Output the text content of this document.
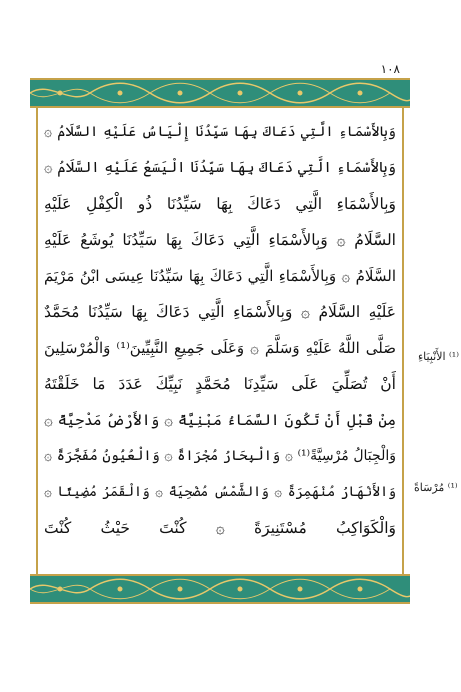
١٠٨
وَبِالأَسْمَاءِ الَّتِي دَعَاكَ بِهَا سَيِّدُنَا إِلْيَاسُ عَلَيْهِ السَّلَامُ ۞
وَبِالأَسْمَاءِ الَّتِي دَعَاكَ بِهَا سَيِّدُنَا الْيَسَعُ عَلَيْهِ السَّلَامُ ۞
وَبِالأَسْمَاءِ الَّتِي دَعَاكَ بِهَا سَيِّدُنَا ذُو الْكِفْلِ عَلَيْهِ
السَّلَامُ ۞ وَبِالأَسْمَاءِ الَّتِي دَعَاكَ بِهَا سَيِّدُنَا يُوشَعُ عَلَيْهِ
السَّلَامُ ۞ وَبِالأَسْمَاءِ الَّتِي دَعَاكَ بِهَا سَيِّدُنَا عِيسَى ابْنُ مَرْيَمَ
عَلَيْهِ السَّلَامُ ۞ وَبِالأَسْمَاءِ الَّتِي دَعَاكَ بِهَا سَيِّدُنَا مُحَمَّدٌ
صَلَّى اللَّهُ عَلَيْهِ وَسَلَّمَ ۞ وَعَلَى جَمِيعِ النَّبِيِّينَ⁽¹⁾ وَالْمُرْسَلِينَ
أَنْ تُصَلِّيَ عَلَى سَيِّدِنَا مُحَمَّدٍ نَبِيِّكَ عَدَدَ مَا خَلَقْتَهُ
مِنْ قَبْلِ أَنْ تَكُونَ السَّمَاءُ مَبْنِيَّةً ۞ وَالأَرْضُ مَدْحِيَّةً ۞
وَالْجِبَالُ مُرْسِيَّةً⁽¹⁾ ۞ وَالْبِحَارُ مُجْرَاةً ۞ وَالْعُيُونُ مُفَجَّرَةً ۞
وَالأَنْهَارُ مُنْهَمِرَةً ۞ وَالشَّمْسُ مُضْحِيَةً ۞ وَالْقَمَرُ مُضِيئًا ۞
وَالْكَوَاكِبُ مُسْتَنِيرَةً ۞ كُنْتَ حَيْثُ كُنْتَ
⁽¹⁾ الأَنْبِيَاءِ
⁽¹⁾ مُرْسَاةً
